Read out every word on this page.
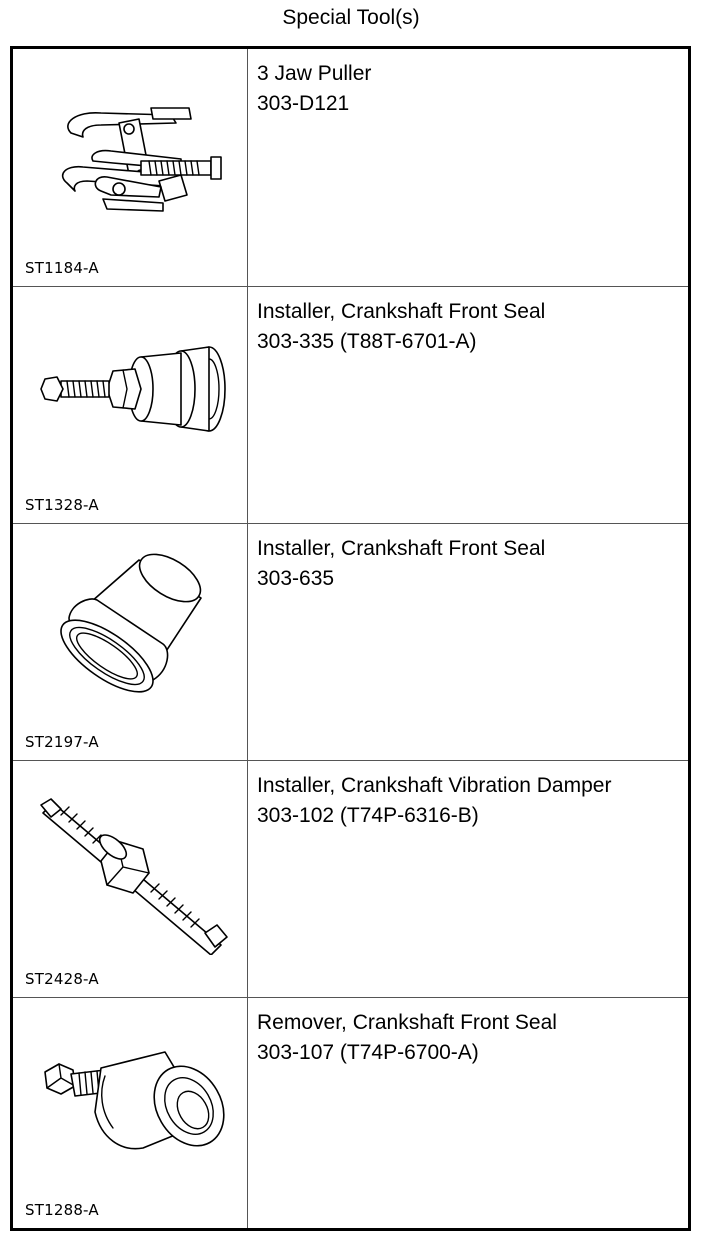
Special Tool(s)
ST1184-A
3 Jaw Puller
303-D121
ST1328-A
Installer, Crankshaft Front Seal
303-335 (T88T-6701-A)
ST2197-A
Installer, Crankshaft Front Seal
303-635
ST2428-A
Installer, Crankshaft Vibration Damper
303-102 (T74P-6316-B)
ST1288-A
Remover, Crankshaft Front Seal
303-107 (T74P-6700-A)
